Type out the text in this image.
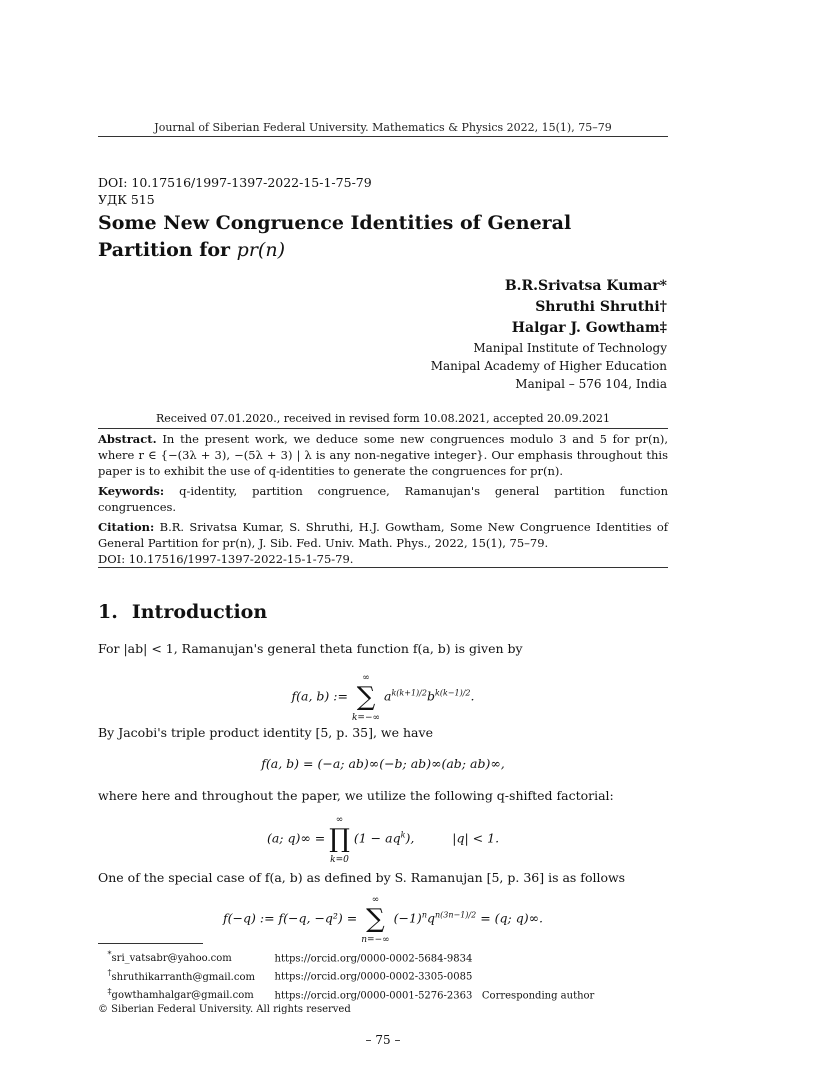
Journal of Siberian Federal University. Mathematics & Physics 2022, 15(1), 75–79
DOI: 10.17516/1997-1397-2022-15-1-75-79
УДК 515
Some New Congruence Identities of General
Partition for pr(n)
B.R.Srivatsa Kumar*
Shruthi Shruthi†
Halgar J. Gowtham‡
Manipal Institute of Technology
Manipal Academy of Higher Education
Manipal – 576 104, India
Received 07.01.2020., received in revised form 10.08.2021, accepted 20.09.2021

Abstract. In the present work, we deduce some new congruences modulo 3 and 5 for pr(n), where r ∈ {−(3λ + 3), −(5λ + 3) | λ is any non-negative integer}. Our emphasis throughout this paper is to exhibit the use of q-identities to generate the congruences for pr(n).

Keywords: q-identity, partition congruence, Ramanujan's general partition function congruences.

Citation: B.R. Srivatsa Kumar, S. Shruthi, H.J. Gowtham, Some New Congruence Identities of General Partition for pr(n), J. Sib. Fed. Univ. Math. Phys., 2022, 15(1), 75–79.
DOI: 10.17516/1997-1397-2022-15-1-75-79.

1. Introduction
For |ab| < 1, Ramanujan's general theta function f(a, b) is given by
f(a, b) := ∞
∑
k=−∞ $a^{k(k+1)/2}b^{k(k-1)/2}$.
By Jacobi's triple product identity [5, p. 35], we have
f(a, b) = (−a; ab)∞(−b; ab)∞(ab; ab)∞,
where here and throughout the paper, we utilize the following q-shifted factorial:
(a; q)∞ = ∞
∏
k=0 $(1 - aq^k)$,	|q| < 1.
One of the special case of f(a, b) as defined by S. Ramanujan [5, p. 36] is as follows
f(−q) := f(−q, −q²) = ∞
∑
n=−∞ $(-1)^nq^{n(3n-1)/2} = (q$; q)∞.
*sri_vatsabr@yahoo.com	https://orcid.org/0000-0002-5684-9834
†shruthikarranth@gmail.com https://orcid.org/0000-0002-3305-0085
‡gowthamhalgar@gmail.com https://orcid.org/0000-0001-5276-2363 Corresponding author
© Siberian Federal University. All rights reserved
– 75 –
